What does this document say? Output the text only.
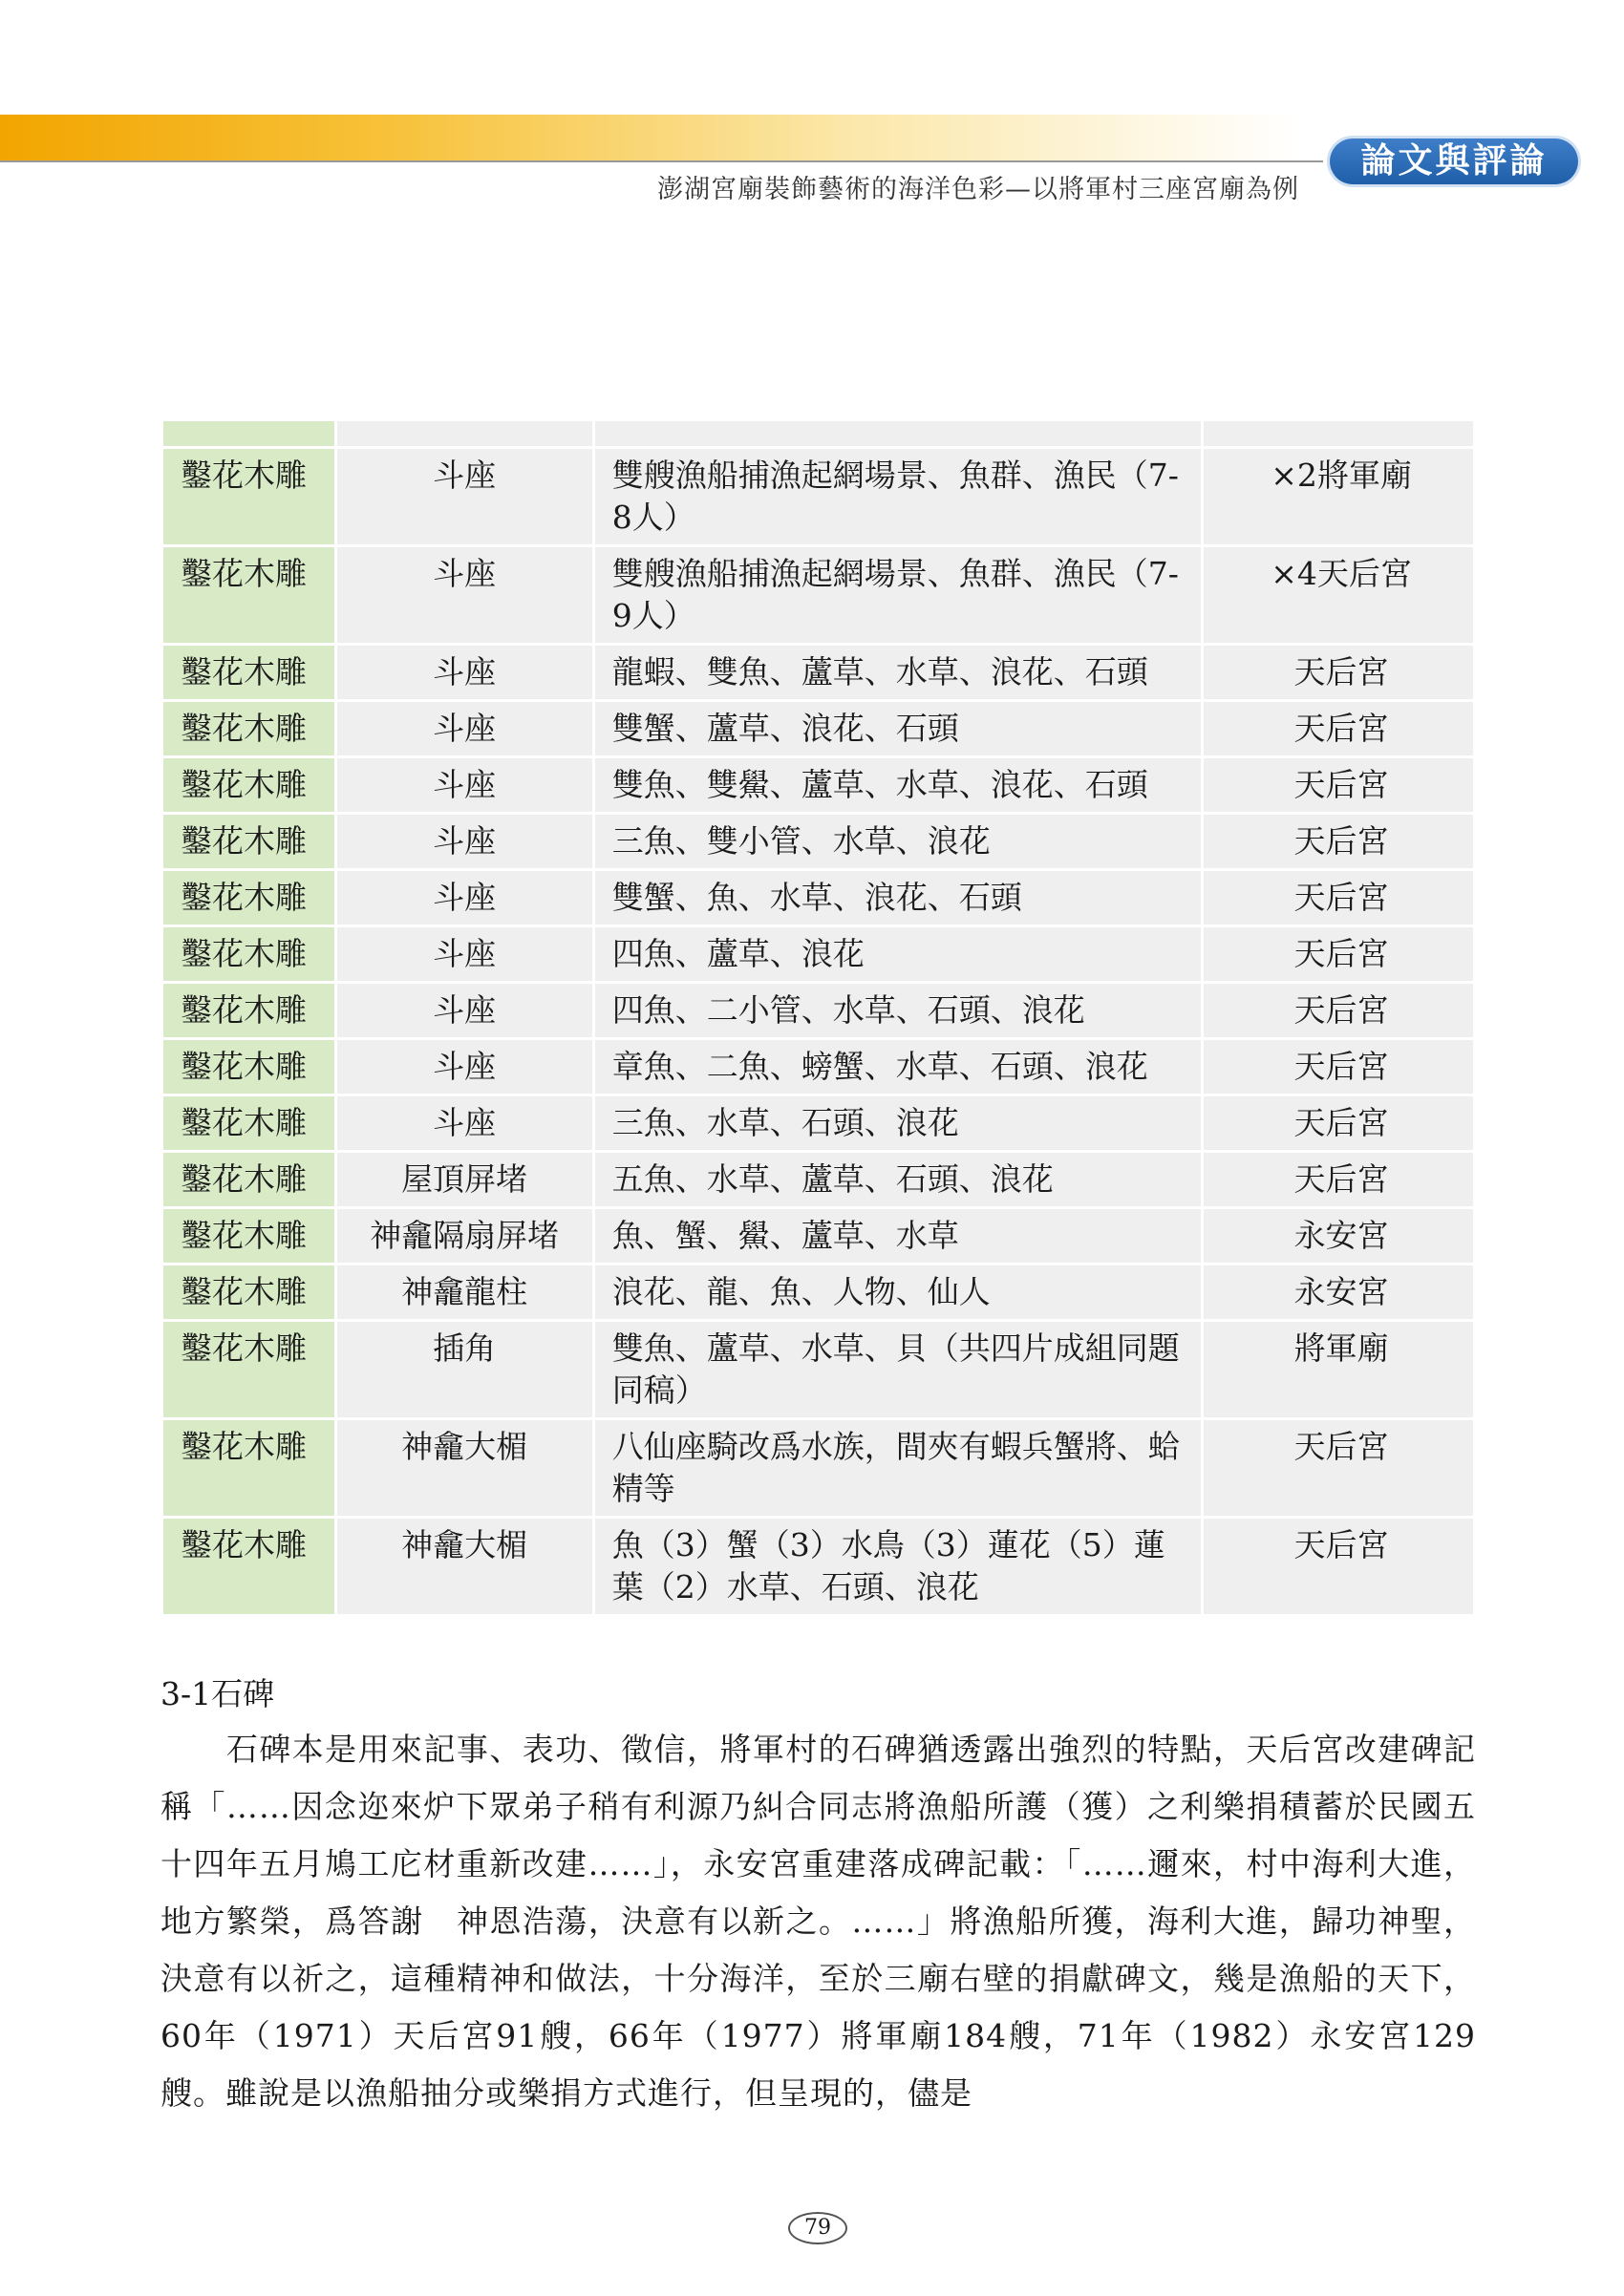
澎湖宮廟裝飾藝術的海洋色彩—以將軍村三座宮廟為例
論文與評論

鑿花木雕	斗座	雙艘漁船捕漁起網場景、魚群、漁民（7-8人）	×2將軍廟
鑿花木雕	斗座	雙艘漁船捕漁起網場景、魚群、漁民（7-9人）	×4天后宮
鑿花木雕	斗座	龍蝦、雙魚、蘆草、水草、浪花、石頭	天后宮
鑿花木雕	斗座	雙蟹、蘆草、浪花、石頭	天后宮
鑿花木雕	斗座	雙魚、雙鱟、蘆草、水草、浪花、石頭	天后宮
鑿花木雕	斗座	三魚、雙小管、水草、浪花	天后宮
鑿花木雕	斗座	雙蟹、魚、水草、浪花、石頭	天后宮
鑿花木雕	斗座	四魚、蘆草、浪花	天后宮
鑿花木雕	斗座	四魚、二小管、水草、石頭、浪花	天后宮
鑿花木雕	斗座	章魚、二魚、螃蟹、水草、石頭、浪花	天后宮
鑿花木雕	斗座	三魚、水草、石頭、浪花	天后宮
鑿花木雕	屋頂屏堵	五魚、水草、蘆草、石頭、浪花	天后宮
鑿花木雕	神龕隔扇屏堵	魚、蟹、鱟、蘆草、水草	永安宮
鑿花木雕	神龕龍柱	浪花、龍、魚、人物、仙人	永安宮
鑿花木雕	插角	雙魚、蘆草、水草、貝（共四片成組同題同稿）	將軍廟
鑿花木雕	神龕大楣	八仙座騎改爲水族，間夾有蝦兵蟹將、蛤精等	天后宮
鑿花木雕	神龕大楣	魚（3）蟹（3）水鳥（3）蓮花（5）蓮葉（2）水草、石頭、浪花	天后宮
3-1石碑
　　石碑本是用來記事、表功、徵信，將軍村的石碑猶透露出強烈的特點，天后宮改建碑記稱「……因念迩來炉下眾弟子稍有利源乃糾合同志將漁船所護（獲）之利樂捐積蓄於民國五十四年五月鳩工庀材重新改建……」，永安宮重建落成碑記載：「……邇來，村中海利大進，地方繁榮，爲答謝　神恩浩蕩，決意有以新之。……」將漁船所獲，海利大進，歸功神聖，決意有以祈之，這種精神和做法，十分海洋，至於三廟右壁的捐獻碑文，幾是漁船的天下，60年（1971）天后宮91艘，66年（1977）將軍廟184艘，71年（1982）永安宮129艘。雖說是以漁船抽分或樂捐方式進行，但呈現的，儘是
79
